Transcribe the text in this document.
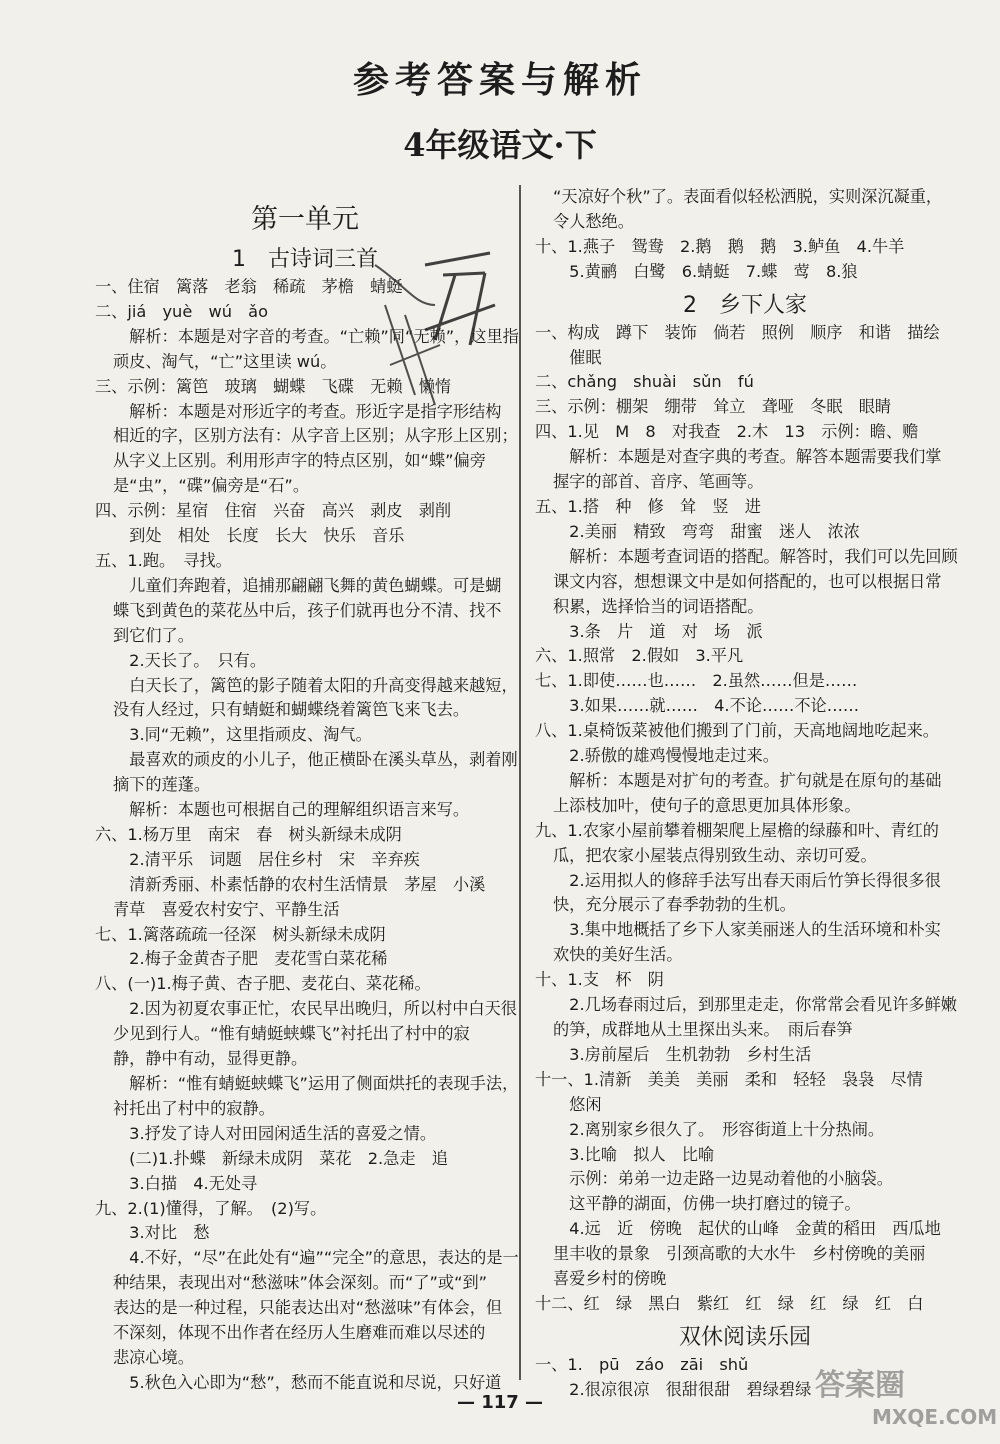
参考答案与解析
4年级语文·下
第一单元
1 古诗词三首
一、住宿　篱落　老翁　稀疏　茅檐　蜻蜓
二、jiá　yuè　wú　ǎo
　解析：本题是对字音的考查。“亡赖”同“无赖”，这里指
顽皮、淘气，“亡”这里读 wú。
三、示例：篱笆　玻璃　蝴蝶　飞碟　无赖　懒惰
　解析：本题是对形近字的考查。形近字是指字形结构
相近的字，区别方法有：从字音上区别；从字形上区别；
从字义上区别。利用形声字的特点区别，如“蝶”偏旁
是“虫”，“碟”偏旁是“石”。
四、示例：星宿　住宿　兴奋　高兴　剥皮　剥削
　到处　相处　长度　长大　快乐　音乐
五、1.跑。　寻找。
　儿童们奔跑着，追捕那翩翩飞舞的黄色蝴蝶。可是蝴
蝶飞到黄色的菜花丛中后，孩子们就再也分不清、找不
到它们了。
　2.天长了。　只有。
　白天长了，篱笆的影子随着太阳的升高变得越来越短，
没有人经过，只有蜻蜓和蝴蝶绕着篱笆飞来飞去。
　3.同“无赖”，这里指顽皮、淘气。
　最喜欢的顽皮的小儿子，他正横卧在溪头草丛，剥着刚
摘下的莲蓬。
　解析：本题也可根据自己的理解组织语言来写。
六、1.杨万里　南宋　春　树头新绿未成阴
　2.清平乐　词题　居住乡村　宋　辛弃疾
　清新秀丽、朴素恬静的农村生活情景　茅屋　小溪
青草　喜爱农村安宁、平静生活
七、1.篱落疏疏一径深　树头新绿未成阴
　2.梅子金黄杏子肥　麦花雪白菜花稀
八、(一)1.梅子黄、杏子肥、麦花白、菜花稀。
　2.因为初夏农事正忙，农民早出晚归，所以村中白天很
少见到行人。“惟有蜻蜓蛱蝶飞”衬托出了村中的寂
静，静中有动，显得更静。
　解析：“惟有蜻蜓蛱蝶飞”运用了侧面烘托的表现手法，
衬托出了村中的寂静。
　3.抒发了诗人对田园闲适生活的喜爱之情。
　(二)1.扑蝶　新绿未成阴　菜花　2.急走　追
　3.白描　4.无处寻
九、2.(1)懂得，了解。　(2)写。
　3.对比　愁
　4.不好，“尽”在此处有“遍”“完全”的意思，表达的是一
种结果，表现出对“愁滋味”体会深刻。而“了”或“到”
表达的是一种过程，只能表达出对“愁滋味”有体会，但
不深刻，体现不出作者在经历人生磨难而难以尽述的
悲凉心境。
　5.秋色入心即为“愁”，愁而不能直说和尽说，只好道
“天凉好个秋”了。表面看似轻松洒脱，实则深沉凝重，
令人愁绝。
十、1.燕子　鸳鸯　2.鹅　鹅　鹅　3.鲈鱼　4.牛羊
　5.黄鹂　白鹭　6.蜻蜓　7.蝶　莺　8.狼
2 乡下人家
一、构成　蹲下　装饰　倘若　照例　顺序　和谐　描绘
　催眠
二、chǎng　shuài　sǔn　fú
三、示例：棚架　绷带　耸立　聋哑　冬眠　眼睛
四、1.见　M　8　对我查　2.木　13　示例：瞻、赡
　解析：本题是对查字典的考查。解答本题需要我们掌
握字的部首、音序、笔画等。
五、1.搭　种　修　耸　竖　进
　2.美丽　精致　弯弯　甜蜜　迷人　浓浓
　解析：本题考查词语的搭配。解答时，我们可以先回顾
课文内容，想想课文中是如何搭配的，也可以根据日常
积累，选择恰当的词语搭配。
　3.条　片　道　对　场　派
六、1.照常　2.假如　3.平凡
七、1.即使……也……　2.虽然……但是……
　3.如果……就……　4.不论……不论……
八、1.桌椅饭菜被他们搬到了门前，天高地阔地吃起来。
　2.骄傲的雄鸡慢慢地走过来。
　解析：本题是对扩句的考查。扩句就是在原句的基础
上添枝加叶，使句子的意思更加具体形象。
九、1.农家小屋前攀着棚架爬上屋檐的绿藤和叶、青红的
瓜，把农家小屋装点得别致生动、亲切可爱。
　2.运用拟人的修辞手法写出春天雨后竹笋长得很多很
快，充分展示了春季勃勃的生机。
　3.集中地概括了乡下人家美丽迷人的生活环境和朴实
欢快的美好生活。
十、1.支　杯　阴
　2.几场春雨过后，到那里走走，你常常会看见许多鲜嫩
的笋，成群地从土里探出头来。　雨后春笋
　3.房前屋后　生机勃勃　乡村生活
十一、1.清新　美美　美丽　柔和　轻轻　袅袅　尽情
　悠闲
　2.离别家乡很久了。　形容街道上十分热闹。
　3.比喻　拟人　比喻
　示例：弟弟一边走路一边晃动着他的小脑袋。
　这平静的湖面，仿佛一块打磨过的镜子。
　4.远　近　傍晚　起伏的山峰　金黄的稻田　西瓜地
里丰收的景象　引颈高歌的大水牛　乡村傍晚的美丽
喜爱乡村的傍晚
十二、红　绿　黑白　紫红　红　绿　红　绿　红　白
双休阅读乐园
一、1.　pū　záo　zāi　shǔ
　2.很凉很凉　很甜很甜　碧绿碧绿
— 117 —	答案圈
MXQE.COM
